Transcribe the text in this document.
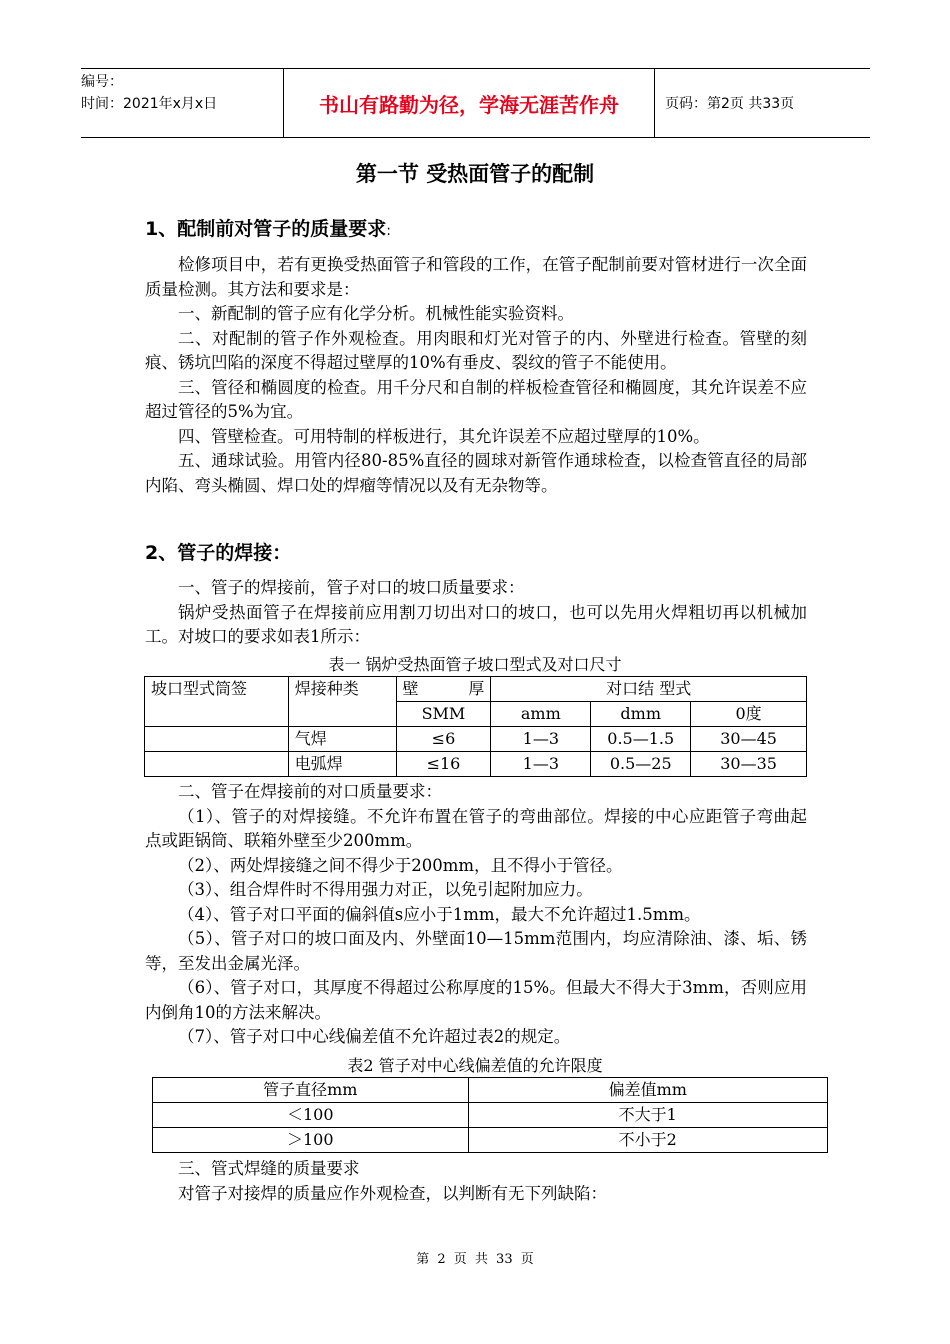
编号：
时间：2021年x月x日	书山有路勤为径，学海无涯苦作舟	页码：第2页 共33页
第一节 受热面管子的配制
1、配制前对管子的质量要求:

检修项目中，若有更换受热面管子和管段的工作，在管子配制前要对管材进行一次全面质量检测。其方法和要求是：

一、新配制的管子应有化学分析。机械性能实验资料。

二、对配制的管子作外观检查。用肉眼和灯光对管子的内、外壁进行检查。管壁的刻痕、锈坑凹陷的深度不得超过壁厚的10%有垂皮、裂纹的管子不能使用。

三、管径和椭圆度的检查。用千分尺和自制的样板检查管径和椭圆度，其允许误差不应超过管径的5%为宜。

四、管壁检查。可用特制的样板进行，其允许误差不应超过壁厚的10%。

五、通球试验。用管内径80-85%直径的圆球对新管作通球检查，以检查管直径的局部内陷、弯头椭圆、焊口处的焊瘤等情况以及有无杂物等。

2、管子的焊接：

一、管子的焊接前，管子对口的坡口质量要求：

锅炉受热面管子在焊接前应用割刀切出对口的坡口，也可以先用火焊粗切再以机械加工。对坡口的要求如表1所示：

表一 锅炉受热面管子坡口型式及对口尺寸
坡口型式筒签	焊接种类	壁 厚	对口结 型式		
		SMM	amm	dmm	0度
	气焊	≤6	1—3	0.5—1.5	30—45
	电弧焊	≤16	1—3	0.5—25	30—35

二、管子在焊接前的对口质量要求：

（1）、管子的对焊接缝。不允许布置在管子的弯曲部位。焊接的中心应距管子弯曲起点或距锅筒、联箱外壁至少200mm。

（2）、两处焊接缝之间不得少于200mm，且不得小于管径。

（3）、组合焊件时不得用强力对正，以免引起附加应力。

（4）、管子对口平面的偏斜值s应小于1mm，最大不允许超过1.5mm。

（5）、管子对口的坡口面及内、外壁面10—15mm范围内，均应清除油、漆、垢、锈等，至发出金属光泽。

（6）、管子对口，其厚度不得超过公称厚度的15%。但最大不得大于3mm，否则应用内倒角10的方法来解决。

（7）、管子对口中心线偏差值不允许超过表2的规定。

表2 管子对中心线偏差值的允许限度
管子直径mm	偏差值mm
＜100	不大于1
＞100	不小于2

三、管式焊缝的质量要求

对管子对接焊的质量应作外观检查，以判断有无下列缺陷：

第 2 页 共 33 页
